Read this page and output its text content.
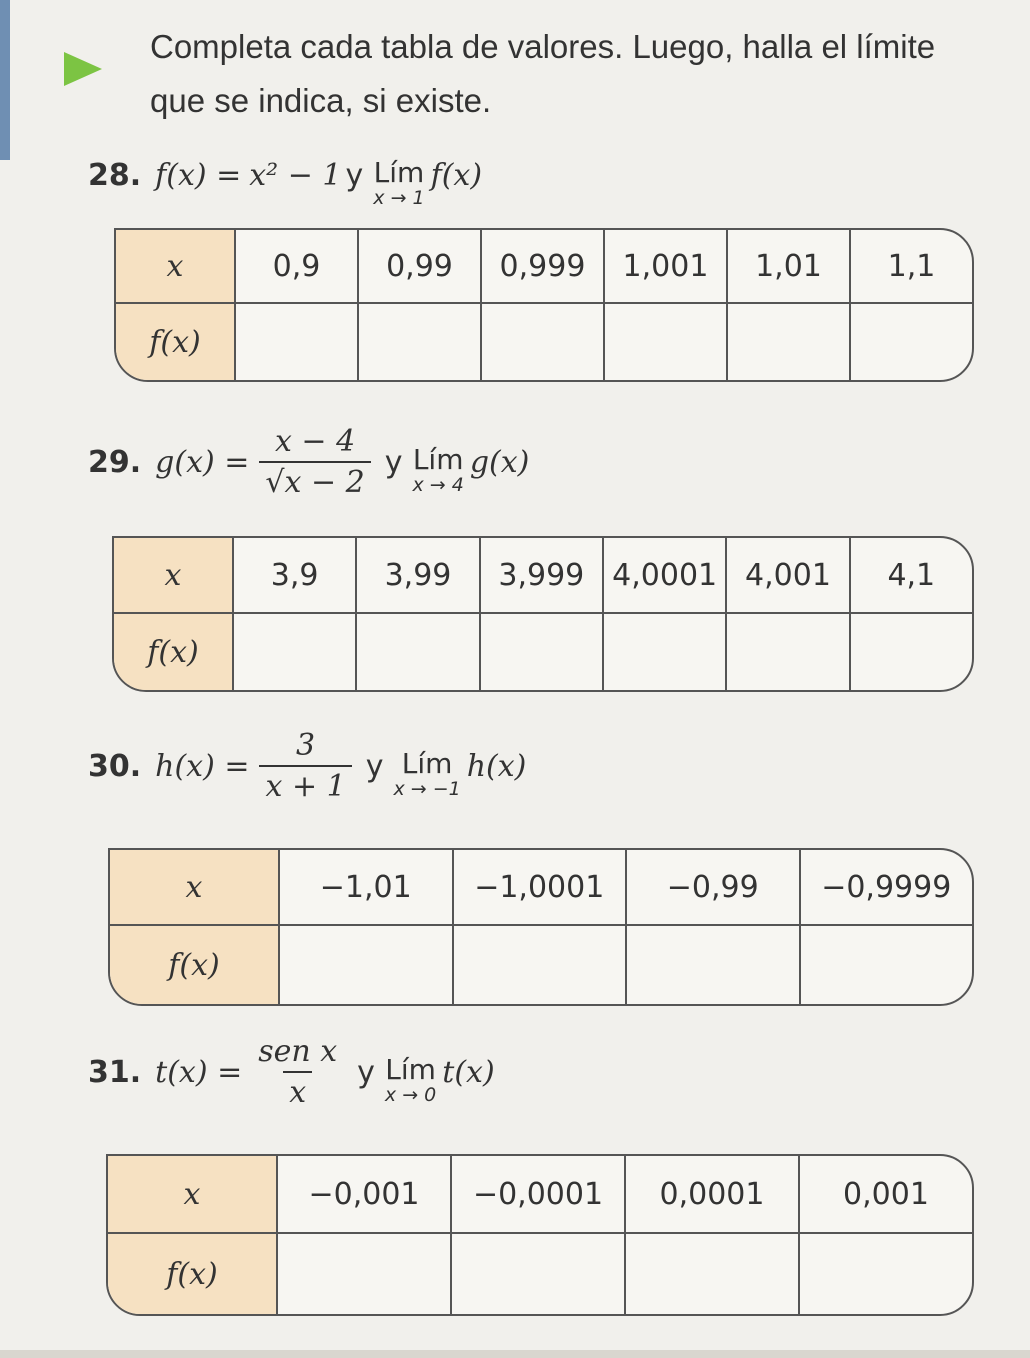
Completa cada tabla de valores. Luego, halla el límite que se indica, si existe.
28. f(x) = x² − 1 y Lím
x → 1
f(x)
x	0,9	0,99	0,999	1,001	1,01	1,1
f(x)
29. $g(x) = \frac{x - 4}{√x - 2}$ y Lím
x → 4
g(x)
x	3,9	3,99	3,999 4,0001 4,001	4,1
f(x)
30. $h(x) = \frac{3}{x + 1}$ y Lím
x → −1
h(x)
x	−1,01	−1,0001	−0,99	−0,9999
f(x)
31. $t(x) = \frac{\text{sen x}}{x}$ y Lím
x → 0
t(x)
x	−0,001	−0,0001	0,0001	0,001
f(x)
